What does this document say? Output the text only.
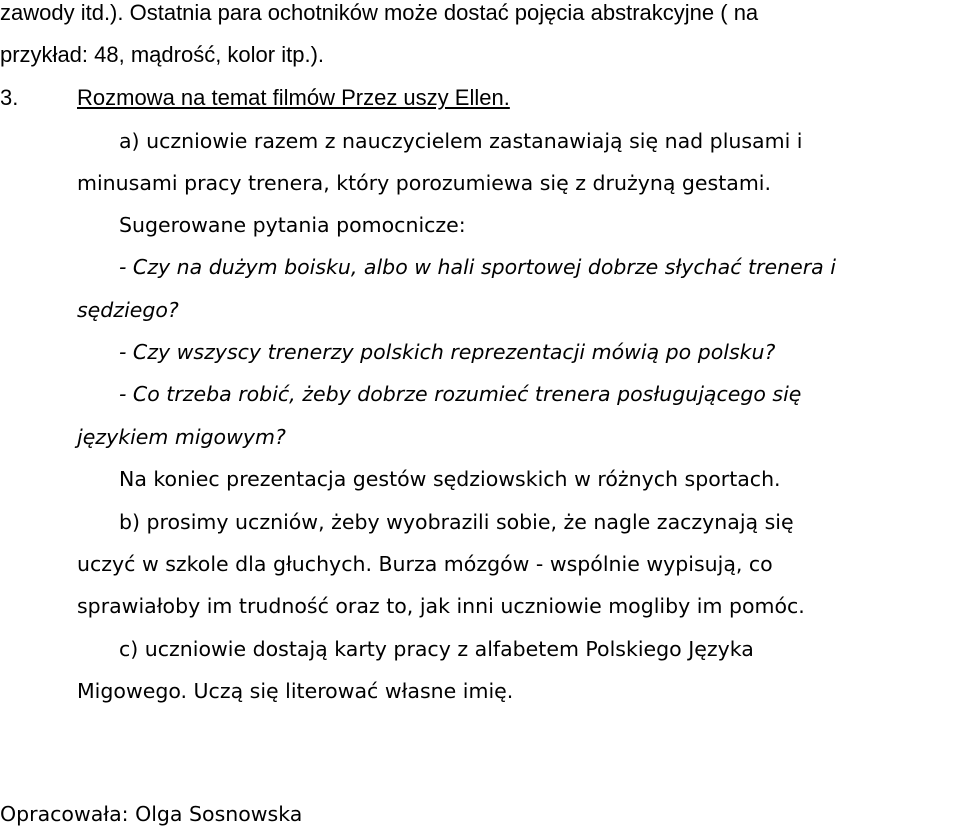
zawody itd.). Ostatnia para ochotników może dostać pojęcia abstrakcyjne ( na
przykład: 48, mądrość, kolor itp.).
3.	Rozmowa na temat filmów Przez uszy Ellen.
a) uczniowie razem z nauczycielem zastanawiają się nad plusami i
minusami pracy trenera, który porozumiewa się z drużyną gestami.
Sugerowane pytania pomocnicze:
- Czy na dużym boisku, albo w hali sportowej dobrze słychać trenera i
sędziego?
- Czy wszyscy trenerzy polskich reprezentacji mówią po polsku?
- Co trzeba robić, żeby dobrze rozumieć trenera posługującego się
językiem migowym?
Na koniec prezentacja gestów sędziowskich w różnych sportach.
b) prosimy uczniów, żeby wyobrazili sobie, że nagle zaczynają się
uczyć w szkole dla głuchych. Burza mózgów - wspólnie wypisują, co
sprawiałoby im trudność oraz to, jak inni uczniowie mogliby im pomóc.
c) uczniowie dostają karty pracy z alfabetem Polskiego Języka
Migowego. Uczą się literować własne imię.
Opracowała: Olga Sosnowska
